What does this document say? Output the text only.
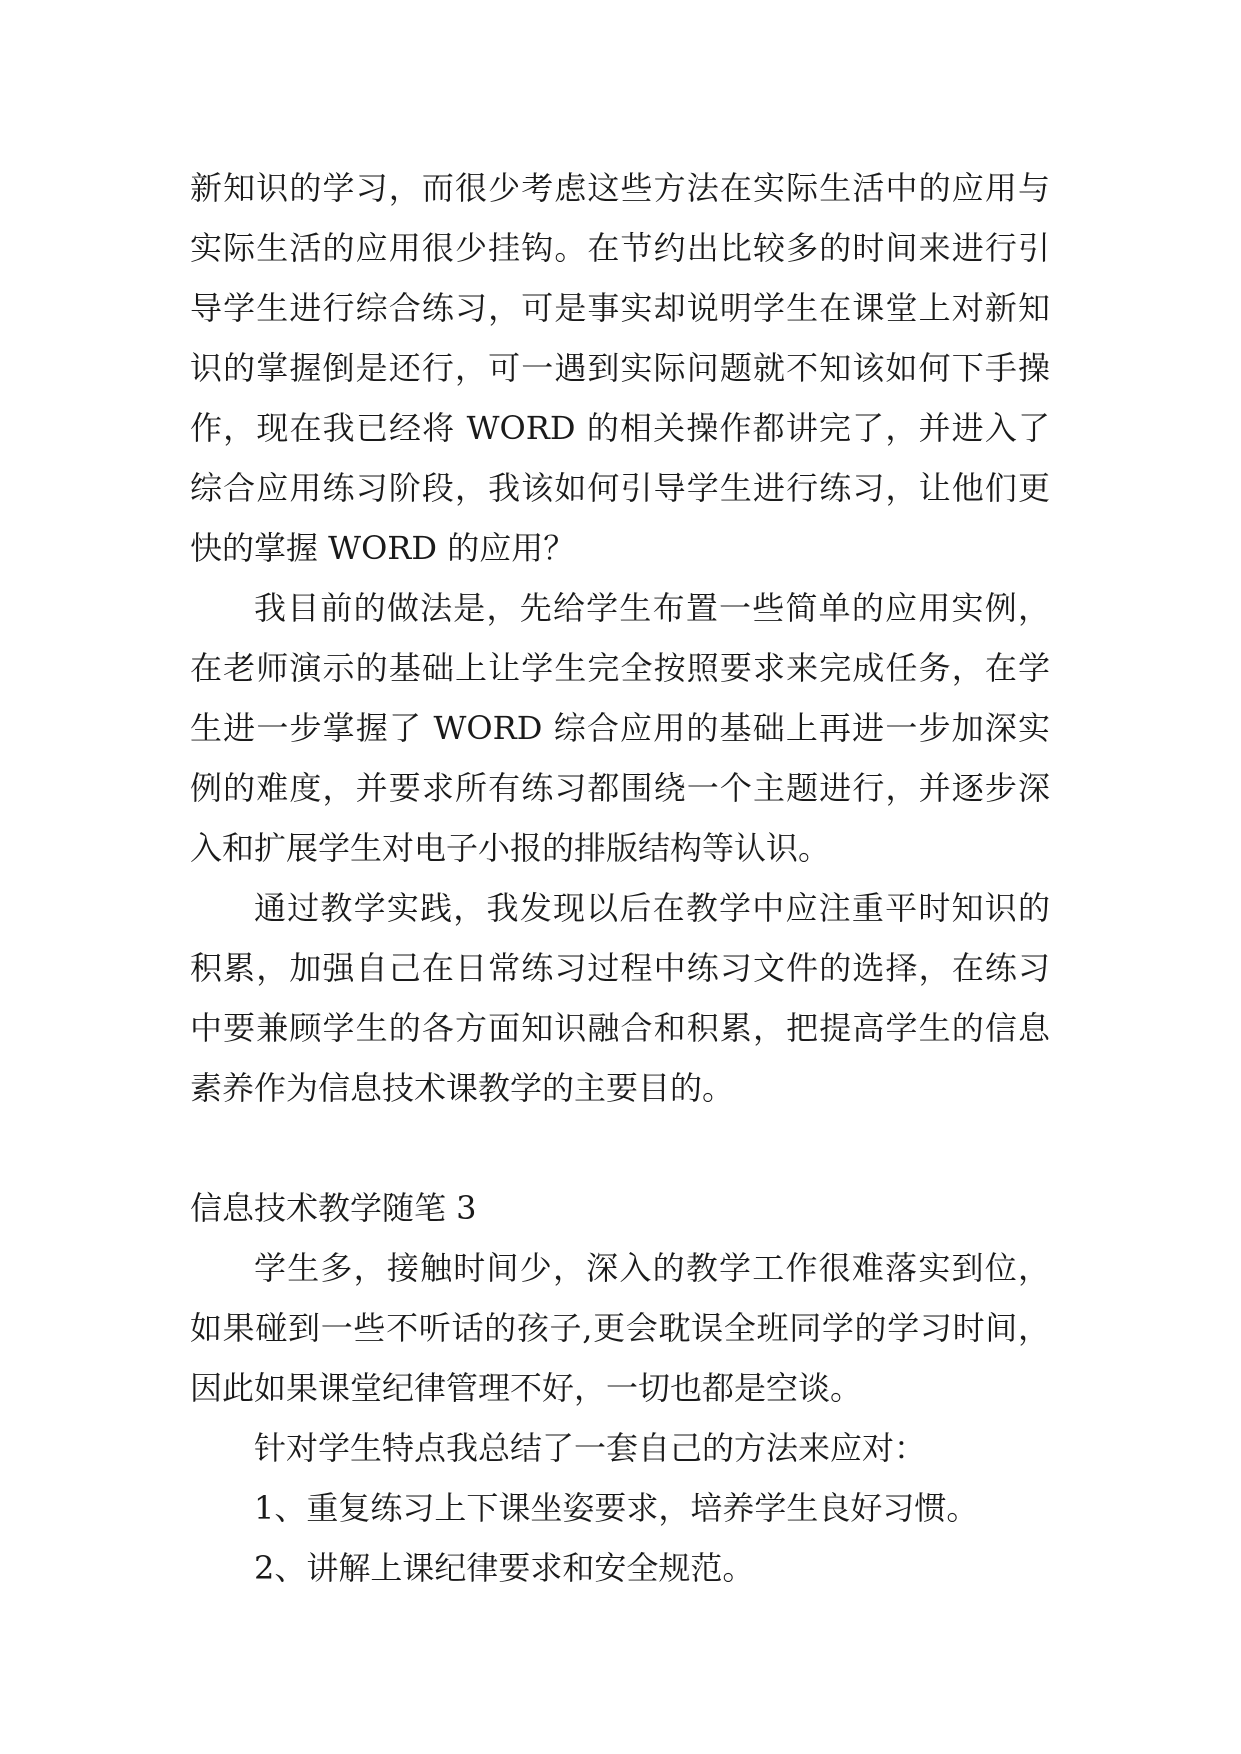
新知识的学习，而很少考虑这些方法在实际生活中的应用与实际生活的应用很少挂钩。在节约出比较多的时间来进行引导学生进行综合练习，可是事实却说明学生在课堂上对新知识的掌握倒是还行，可一遇到实际问题就不知该如何下手操作，现在我已经将 WORD 的相关操作都讲完了，并进入了综合应用练习阶段，我该如何引导学生进行练习，让他们更快的掌握 WORD 的应用？

我目前的做法是，先给学生布置一些简单的应用实例，在老师演示的基础上让学生完全按照要求来完成任务，在学生进一步掌握了 WORD 综合应用的基础上再进一步加深实例的难度，并要求所有练习都围绕一个主题进行，并逐步深入和扩展学生对电子小报的排版结构等认识。

通过教学实践，我发现以后在教学中应注重平时知识的积累，加强自己在日常练习过程中练习文件的选择，在练习中要兼顾学生的各方面知识融合和积累，把提高学生的信息素养作为信息技术课教学的主要目的。

信息技术教学随笔 3

学生多，接触时间少，深入的教学工作很难落实到位，如果碰到一些不听话的孩子,更会耽误全班同学的学习时间，因此如果课堂纪律管理不好，一切也都是空谈。

针对学生特点我总结了一套自己的方法来应对：

1、重复练习上下课坐姿要求，培养学生良好习惯。

2、讲解上课纪律要求和安全规范。
